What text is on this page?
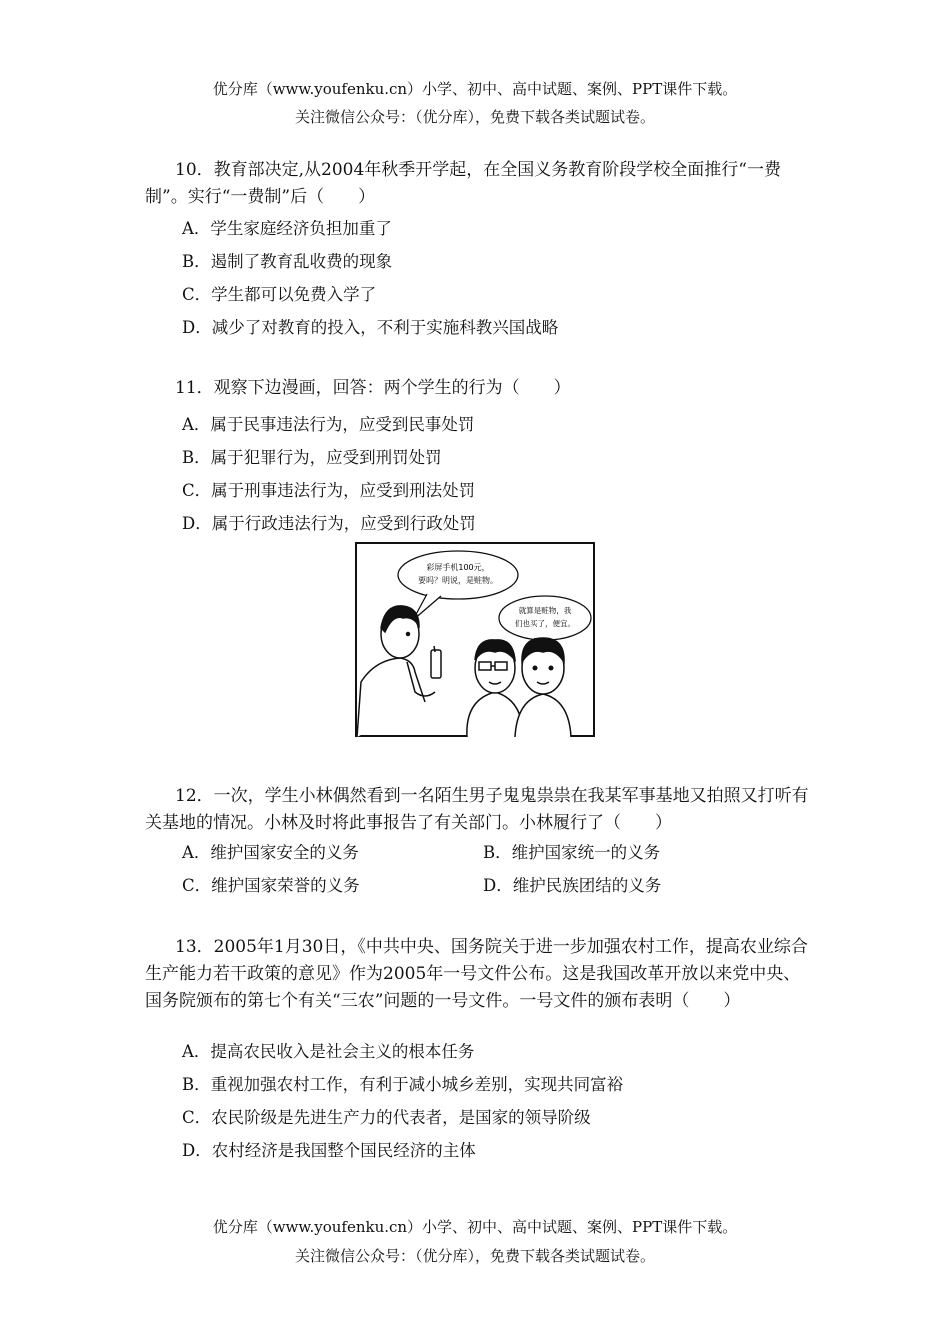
优分库（www.youfenku.cn）小学、初中、高中试题、案例、PPT课件下载。
关注微信公众号：（优分库），免费下载各类试题试卷。
10．教育部决定,从2004年秋季开学起，在全国义务教育阶段学校全面推行“一费制”。实行“一费制”后（　　）
A．学生家庭经济负担加重了
B．遏制了教育乱收费的现象
C．学生都可以免费入学了
D．减少了对教育的投入，不利于实施科教兴国战略
11．观察下边漫画，回答：两个学生的行为（　　）
A．属于民事违法行为，应受到民事处罚
B．属于犯罪行为，应受到刑罚处罚
C．属于刑事违法行为，应受到刑法处罚
D．属于行政违法行为，应受到行政处罚
彩屏手机100元，
要吗？明说，是赃物。
就算是赃物，我
们也买了，便宜。
12．一次，学生小林偶然看到一名陌生男子鬼鬼祟祟在我某军事基地又拍照又打听有关基地的情况。小林及时将此事报告了有关部门。小林履行了（　　）
A．维护国家安全的义务	B．维护国家统一的义务
C．维护国家荣誉的义务	D．维护民族团结的义务
13．2005年1月30日，《中共中央、国务院关于进一步加强农村工作，提高农业综合生产能力若干政策的意见》作为2005年一号文件公布。这是我国改革开放以来党中央、国务院颁布的第七个有关“三农”问题的一号文件。一号文件的颁布表明（　　）
A．提高农民收入是社会主义的根本任务
B．重视加强农村工作，有利于减小城乡差别，实现共同富裕
C．农民阶级是先进生产力的代表者，是国家的领导阶级
D．农村经济是我国整个国民经济的主体
优分库（www.youfenku.cn）小学、初中、高中试题、案例、PPT课件下载。
关注微信公众号：（优分库），免费下载各类试题试卷。
